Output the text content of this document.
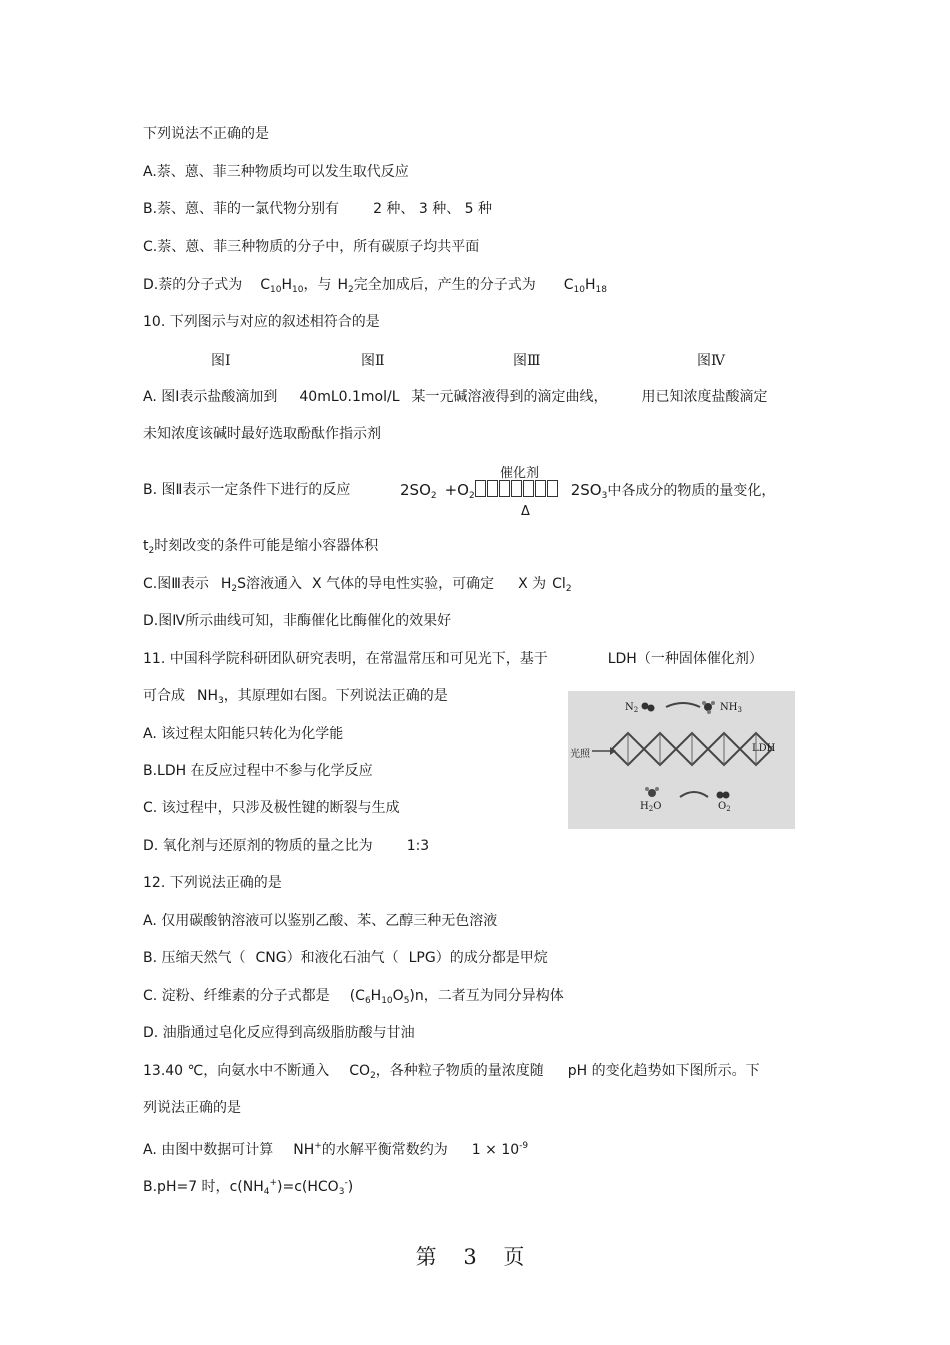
下列说法不正确的是
A.萘、蒽、菲三种物质均可以发生取代反应
B.萘、蒽、菲的一氯代物分别有 2 种、 3 种、 5 种
C.萘、蒽、菲三种物质的分子中，所有碳原子均共平面
D.萘的分子式为 $C_{10}H_{10}$，与 $H_2$完全加成后，产生的分子式为 $C_{10}H_{18}$
10. 下列图示与对应的叙述相符合的是
图Ⅰ	图Ⅱ	图Ⅲ	图Ⅳ
A. 图Ⅰ表示盐酸滴加到 40mL0.1mol/L 某一元碱溶液得到的滴定曲线， 用已知浓度盐酸滴定
未知浓度该碱时最好选取酚酞作指示剂
B. 图Ⅱ表示一定条件下进行的反应
催化剂
$2SO_2 +O_2$	$2SO_3$中各成分的物质的量变化，
Δ
$t_2$时刻改变的条件可能是缩小容器体积
C.图Ⅲ表示 $H_2S$溶液通入 X 气体的导电性实验，可确定 X 为 $Cl_2$
D.图Ⅳ所示曲线可知，非酶催化比酶催化的效果好
11. 中国科学院科研团队研究表明，在常温常压和可见光下，基于	LDH（一种固体催化剂）
可合成 $NH_3$，其原理如右图。下列说法正确的是
A. 该过程太阳能只转化为化学能
B.LDH 在反应过程中不参与化学反应
C. 该过程中，只涉及极性键的断裂与生成
D. 氧化剂与还原剂的物质的量之比为 1:3
$N_2$	$NH_3$
光照
LDH
$H_2O$	$O_2$
12. 下列说法正确的是
A. 仅用碳酸钠溶液可以鉴别乙酸、苯、乙醇三种无色溶液
B. 压缩天然气（ CNG）和液化石油气（ LPG）的成分都是甲烷
C. 淀粉、纤维素的分子式都是 $(C_6H_{10}O_5)n$，二者互为同分异构体
D. 油脂通过皂化反应得到高级脂肪酸与甘油
13.40 ℃，向氨水中不断通入 $CO_2$，各种粒子物质的量浓度随 pH 的变化趋势如下图所示。下
列说法正确的是
A. 由图中数据可计算 NH+的水解平衡常数约为 $1 \times 10^{-9}$
B.pH=7 时，$c(NH_4^+)=c(HCO_3^-)$
第 3 页
